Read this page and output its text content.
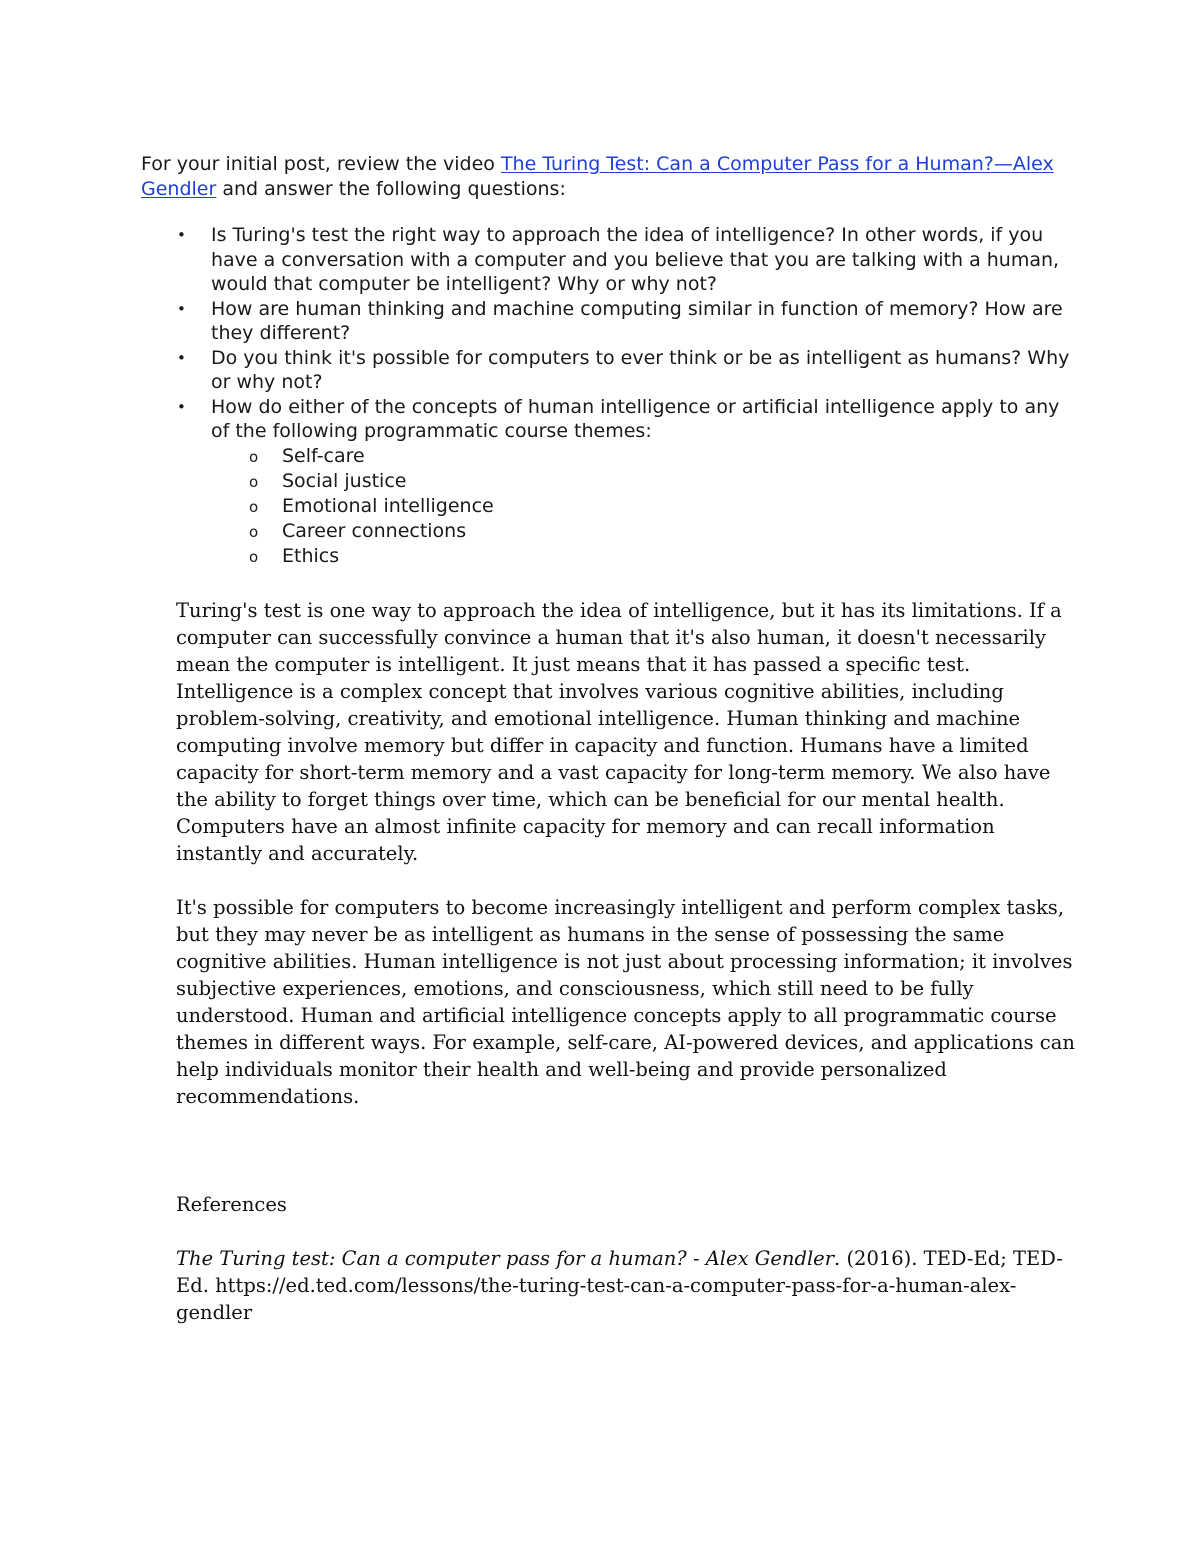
For your initial post, review the video The Turing Test: Can a Computer Pass for a Human?—Alex Gendler and answer the following questions:

• Is Turing's test the right way to approach the idea of intelligence? In other words, if you have a conversation with a computer and you believe that you are talking with a human, would that computer be intelligent? Why or why not?
• How are human thinking and machine computing similar in function of memory? How are they different?
• Do you think it's possible for computers to ever think or be as intelligent as humans? Why or why not?
• How do either of the concepts of human intelligence or artificial intelligence apply to any of the following programmatic course themes:
o Self-care
o Social justice
o Emotional intelligence
o Career connections
o Ethics

Turing's test is one way to approach the idea of intelligence, but it has its limitations. If a computer can successfully convince a human that it's also human, it doesn't necessarily mean the computer is intelligent. It just means that it has passed a specific test. Intelligence is a complex concept that involves various cognitive abilities, including problem-solving, creativity, and emotional intelligence. Human thinking and machine computing involve memory but differ in capacity and function. Humans have a limited capacity for short-term memory and a vast capacity for long-term memory. We also have the ability to forget things over time, which can be beneficial for our mental health. Computers have an almost infinite capacity for memory and can recall information instantly and accurately.

It's possible for computers to become increasingly intelligent and perform complex tasks, but they may never be as intelligent as humans in the sense of possessing the same cognitive abilities. Human intelligence is not just about processing information; it involves subjective experiences, emotions, and consciousness, which still need to be fully understood. Human and artificial intelligence concepts apply to all programmatic course themes in different ways. For example, self-care, AI-powered devices, and applications can help individuals monitor their health and well-being and provide personalized recommendations.

References

The Turing test: Can a computer pass for a human? - Alex Gendler. (2016). TED-Ed; TED-Ed. https://ed.ted.com/lessons/the-turing-test-can-a-computer-pass-for-a-human-alex-gendler
